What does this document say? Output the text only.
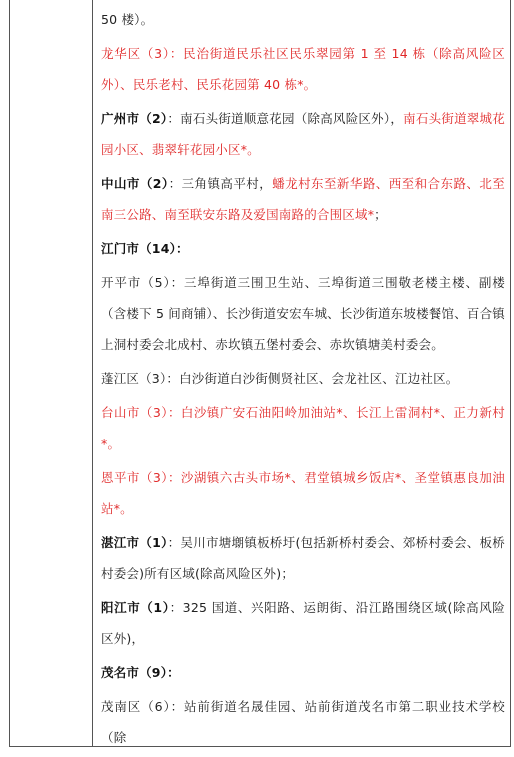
50 楼）。

龙华区（3）：民治街道民乐社区民乐翠园第 1 至 14 栋（除高风险区外）、民乐老村、民乐花园第 40 栋*。

广州市（2）：南石头街道顺意花园（除高风险区外），南石头街道翠城花园小区、翡翠轩花园小区*。

中山市（2）：三角镇高平村，蟠龙村东至新华路、西至和合东路、北至南三公路、南至联安东路及爱国南路的合围区域*；

江门市（14）：

开平市（5）：三埠街道三围卫生站、三埠街道三围敬老楼主楼、副楼（含楼下 5 间商铺）、长沙街道安宏车城、长沙街道东坡楼餐馆、百合镇上洞村委会北成村、赤坎镇五堡村委会、赤坎镇塘美村委会。

蓬江区（3）：白沙街道白沙街侧贤社区、会龙社区、江边社区。

台山市（3）：白沙镇广安石油阳岭加油站*、长江上雷洞村*、正力新村*。

恩平市（3）：沙湖镇六古头市场*、君堂镇城乡饭店*、圣堂镇惠良加油站*。

湛江市（1）：吴川市塘㙟镇板桥圩(包括新桥村委会、郊桥村委会、板桥村委会)所有区域(除高风险区外)；

阳江市（1）：325 国道、兴阳路、运朗街、沿江路围绕区域(除高风险区外)，

茂名市（9）：

茂南区（6）：站前街道名晟佳园、站前街道茂名市第二职业技术学校（除
